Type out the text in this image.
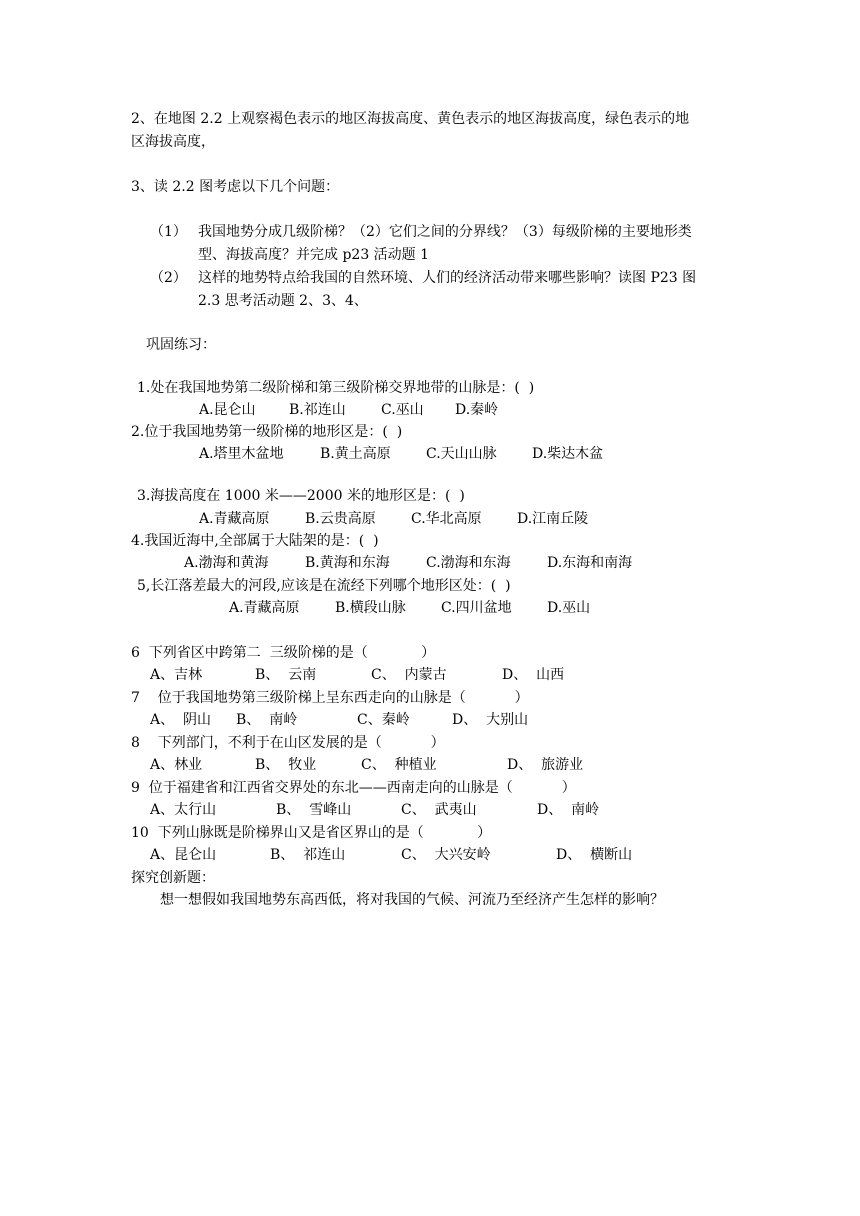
2、在地图 2.2 上观察褐色表示的地区海拔高度、黄色表示的地区海拔高度，绿色表示的地
区海拔高度，
3、读 2.2 图考虑以下几个问题：
（1） 我国地势分成几级阶梯？（2）它们之间的分界线？（3）每级阶梯的主要地形类
型、海拔高度？并完成 p23 活动题 1
（2） 这样的地势特点给我国的自然环境、人们的经济活动带来哪些影响？读图 P23 图
2.3 思考活动题 2、3、4、
巩固练习：
1.处在我国地势第二级阶梯和第三级阶梯交界地带的山脉是：(  )

A.昆仑山

B.祁连山

	C.巫山

D.秦岭

2.位于我国地势第一级阶梯的地形区是：(  )

A.塔里木盆地

	B.黄土高原

	C.天山山脉

	D.柴达木盆

3.海拔高度在 1000 米——2000 米的地形区是：(  )

A.青藏高原

	B.云贵高原

	C.华北高原

	D.江南丘陵

4.我国近海中,全部属于大陆架的是：(  )

A.渤海和黄海

	B.黄海和东海

	C.渤海和东海

	D.东海和南海

5,长江落差最大的河段,应该是在流经下列哪个地形区处：(  )

A.青藏高原

	B.横段山脉

	C.四川盆地

	D.巫山

6  下列省区中跨第二  三级阶梯的是（            ）

A、吉林

	B、  云南

	C、  内蒙古

	D、  山西

7    位于我国地势第三级阶梯上呈东西走向的山脉是（           ）

A、  阴山

B、  南岭

	C、秦岭

	D、  大别山

8    下列部门，不利于在山区发展的是（           ）

A、林业

	B、  牧业

	C、  种植业

	D、  旅游业

9  位于福建省和江西省交界处的东北——西南走向的山脉是（           ）

A、太行山

	B、  雪峰山

	C、  武夷山

	D、  南岭

10  下列山脉既是阶梯界山又是省区界山的是（            ）

A、昆仑山

	B、  祁连山

	C、  大兴安岭

	D、  横断山

探究创新题：
想一想假如我国地势东高西低，将对我国的气候、河流乃至经济产生怎样的影响？
